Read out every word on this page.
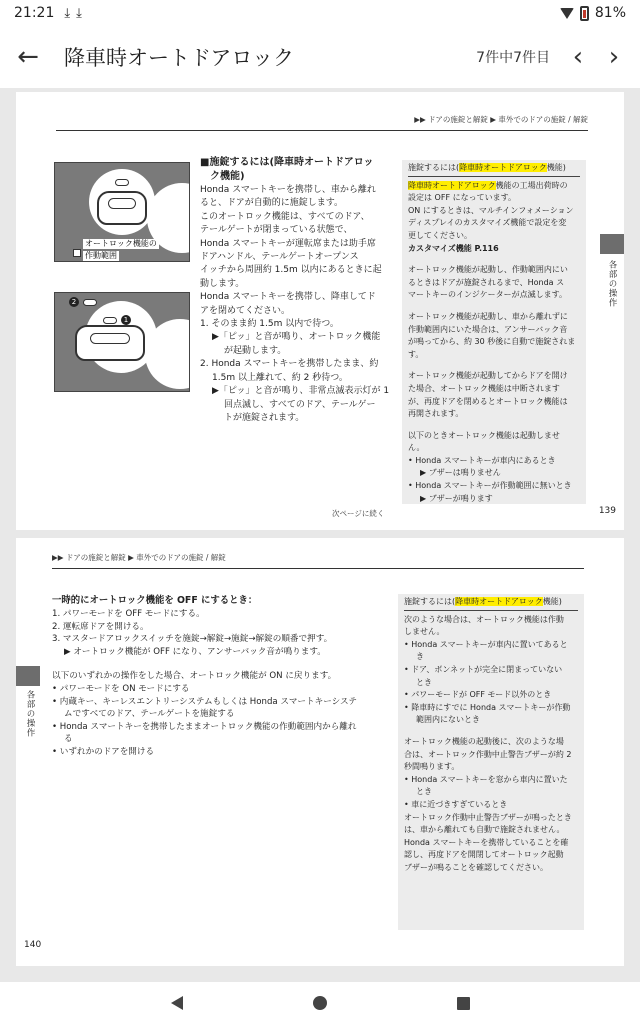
21:21 ⤓ ⤓	81%
←	降車時オートドアロック	7件中7件目 ‹ ›
▶▶ ドアの施錠と解錠 ▶ 車外でのドアの施錠 / 解錠
オートロック機能の
作動範囲
2
1

■施錠するには(降車時オートドアロッ

ク機能)

Honda スマートキーを携帯し、車から離れ

ると、ドアが自動的に施錠します。

このオートロック機能は、すべてのドア、

テールゲートが閉まっている状態で、

Honda スマートキーが運転席または助手席

ドアハンドル、テールゲートオープンス

イッチから周囲約 1.5m 以内にあるときに起

動します。

Honda スマートキーを携帯し、降車してド

アを閉めてください。

1. そのまま約 1.5m 以内で待つ。

▶「ピッ」と音が鳴り、オートロック機能

が起動します。

2. Honda スマートキーを携帯したまま、約

1.5m 以上離れて、約 2 秒待つ。

▶「ピッ」と音が鳴り、非常点滅表示灯が 1

回点滅し、すべてのドア、テールゲー

トが施錠されます。

施錠するには(降車時オートドアロック機能)

降車時オートドアロック機能の工場出荷時の

設定は OFF になっています。

ON にするときは、マルチインフォメーション

ディスプレイのカスタマイズ機能で設定を変

更してください。

カスタマイズ機能 P.116

オートロック機能が起動し、作動範囲内にい

るときはドアが施錠されるまで、Honda ス

マートキーのインジケーターが点滅します。

オートロック機能が起動し、車から離れずに

作動範囲内にいた場合は、アンサーバック音

が鳴ってから、約 30 秒後に自動で施錠されま

す。

オートロック機能が起動してからドアを開け

た場合、オートロック機能は中断されます

が、再度ドアを閉めるとオートロック機能は

再開されます。

以下のときオートロック機能は起動しませ

ん。

• Honda スマートキーが車内にあるとき

▶ ブザーは鳴りません

• Honda スマートキーが作動範囲に無いとき

▶ ブザーが鳴ります

各部の操作
次ページに続く	139
▶▶ ドアの施錠と解錠 ▶ 車外でのドアの施錠 / 解錠

一時的にオートロック機能を OFF にするとき：

1. パワーモードを OFF モードにする。

2. 運転席ドアを開ける。

3. マスタードアロックスイッチを施錠→解錠→施錠→解錠の順番で押す。

▶ オートロック機能が OFF になり、アンサーバック音が鳴ります。

以下のいずれかの操作をした場合、オートロック機能が ON に戻ります。

• パワーモードを ON モードにする

• 内蔵キー、キーレスエントリーシステムもしくは Honda スマートキーシステ

ムですべてのドア、テールゲートを施錠する

• Honda スマートキーを携帯したままオートロック機能の作動範囲内から離れ

る

• いずれかのドアを開ける

施錠するには(降車時オートドアロック機能)

次のような場合は、オートロック機能は作動

しません。

• Honda スマートキーが車内に置いてあると

き

• ドア、ボンネットが完全に閉まっていない

とき

• パワーモードが OFF モード以外のとき

• 降車時にすでに Honda スマートキーが作動

範囲内にないとき

オートロック機能の起動後に、次のような場

合は、オートロック作動中止警告ブザーが約 2

秒間鳴ります。

• Honda スマートキーを窓から車内に置いた

とき

• 車に近づきすぎているとき

オートロック作動中止警告ブザーが鳴ったとき

は、車から離れても自動で施錠されません。

Honda スマートキーを携帯していることを確

認し、再度ドアを開閉してオートロック起動

ブザーが鳴ることを確認してください。

各部の操作
140
